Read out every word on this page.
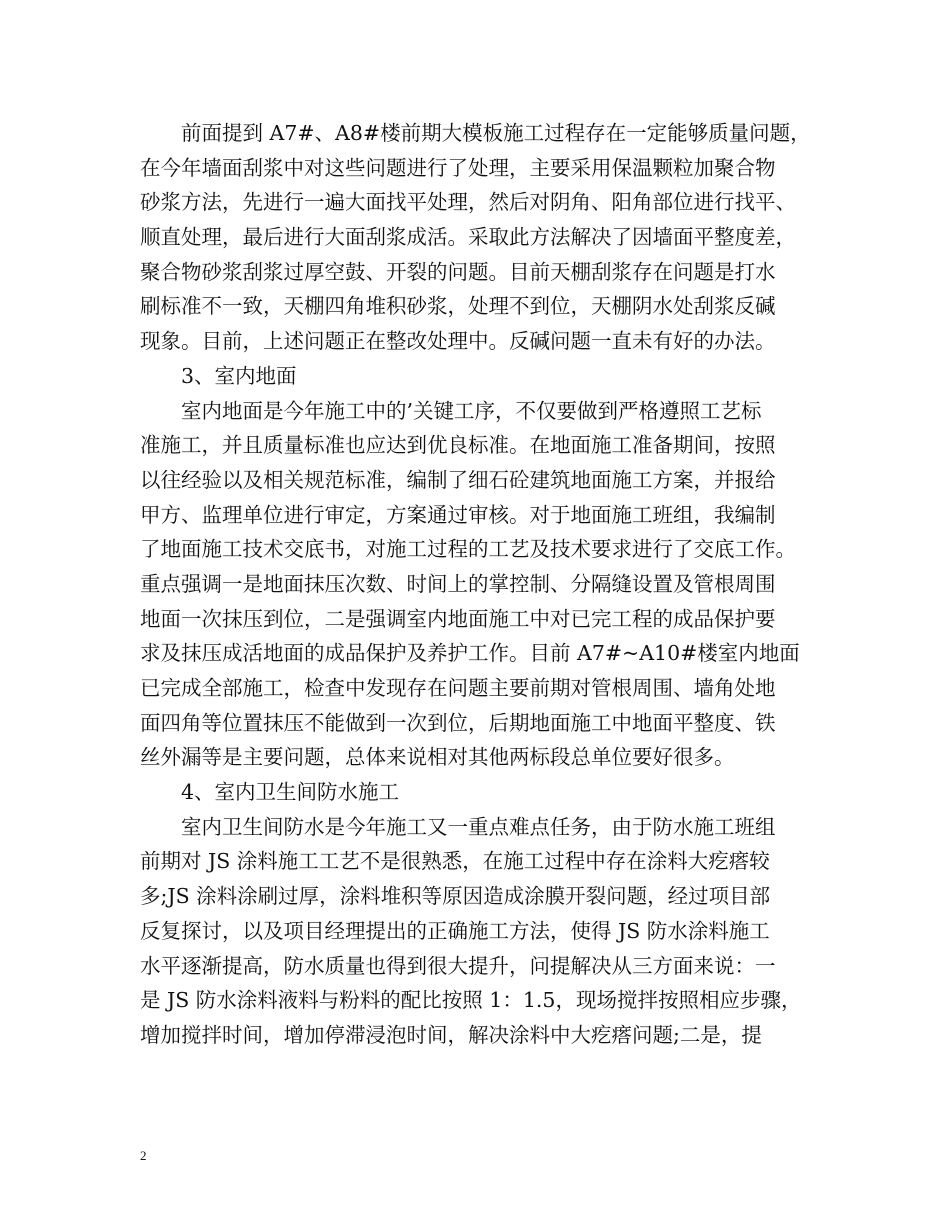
前面提到 A7#、A8#楼前期大模板施工过程存在一定能够质量问题，
在今年墙面刮浆中对这些问题进行了处理，主要采用保温颗粒加聚合物
砂浆方法，先进行一遍大面找平处理，然后对阴角、阳角部位进行找平、
顺直处理，最后进行大面刮浆成活。采取此方法解决了因墙面平整度差，
聚合物砂浆刮浆过厚空鼓、开裂的问题。目前天棚刮浆存在问题是打水
刷标准不一致，天棚四角堆积砂浆，处理不到位，天棚阴水处刮浆反碱
现象。目前，上述问题正在整改处理中。反碱问题一直未有好的办法。
3、室内地面
室内地面是今年施工中的’关键工序，不仅要做到严格遵照工艺标
准施工，并且质量标准也应达到优良标准。在地面施工准备期间，按照
以往经验以及相关规范标准，编制了细石砼建筑地面施工方案，并报给
甲方、监理单位进行审定，方案通过审核。对于地面施工班组，我编制
了地面施工技术交底书，对施工过程的工艺及技术要求进行了交底工作。
重点强调一是地面抹压次数、时间上的掌控制、分隔缝设置及管根周围
地面一次抹压到位，二是强调室内地面施工中对已完工程的成品保护要
求及抹压成活地面的成品保护及养护工作。目前 A7#~A10#楼室内地面
已完成全部施工，检查中发现存在问题主要前期对管根周围、墙角处地
面四角等位置抹压不能做到一次到位，后期地面施工中地面平整度、铁
丝外漏等是主要问题，总体来说相对其他两标段总单位要好很多。
4、室内卫生间防水施工
室内卫生间防水是今年施工又一重点难点任务，由于防水施工班组
前期对 JS 涂料施工工艺不是很熟悉，在施工过程中存在涂料大疙瘩较
多;JS 涂料涂刷过厚，涂料堆积等原因造成涂膜开裂问题，经过项目部
反复探讨，以及项目经理提出的正确施工方法，使得 JS 防水涂料施工
水平逐渐提高，防水质量也得到很大提升，问提解决从三方面来说：一
是 JS 防水涂料液料与粉料的配比按照 1：1.5，现场搅拌按照相应步骤，
增加搅拌时间，增加停滞浸泡时间，解决涂料中大疙瘩问题;二是，提
2
